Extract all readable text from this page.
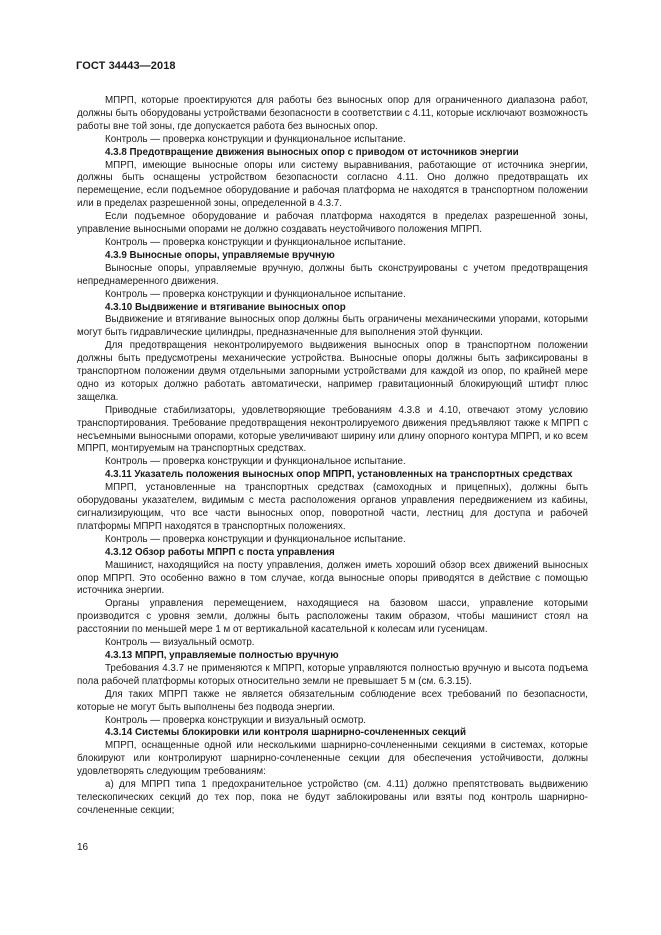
ГОСТ 34443—2018

МПРП, которые проектируются для работы без выносных опор для ограниченного диапазона работ, должны быть оборудованы устройствами безопасности в соответствии с 4.11, которые исключают возможность работы вне той зоны, где допускается работа без выносных опор.

Контроль — проверка конструкции и функциональное испытание.

4.3.8 Предотвращение движения выносных опор с приводом от источников энергии

МПРП, имеющие выносные опоры или систему выравнивания, работающие от источника энергии, должны быть оснащены устройством безопасности согласно 4.11. Оно должно предотвращать их перемещение, если подъемное оборудование и рабочая платформа не находятся в транспортном положении или в пределах разрешенной зоны, определенной в 4.3.7.

Если подъемное оборудование и рабочая платформа находятся в пределах разрешенной зоны, управление выносными опорами не должно создавать неустойчивого положения МПРП.

Контроль — проверка конструкции и функциональное испытание.

4.3.9 Выносные опоры, управляемые вручную

Выносные опоры, управляемые вручную, должны быть сконструированы с учетом предотвращения непреднамеренного движения.

Контроль — проверка конструкции и функциональное испытание.

4.3.10 Выдвижение и втягивание выносных опор

Выдвижение и втягивание выносных опор должны быть ограничены механическими упорами, которыми могут быть гидравлические цилиндры, предназначенные для выполнения этой функции.

Для предотвращения неконтролируемого выдвижения выносных опор в транспортном положении должны быть предусмотрены механические устройства. Выносные опоры должны быть зафиксированы в транспортном положении двумя отдельными запорными устройствами для каждой из опор, по крайней мере одно из которых должно работать автоматически, например гравитационный блокирующий штифт плюс защелка.

Приводные стабилизаторы, удовлетворяющие требованиям 4.3.8 и 4.10, отвечают этому условию транспортирования. Требование предотвращения неконтролируемого движения предъявляют также к МПРП с несъемными выносными опорами, которые увеличивают ширину или длину опорного контура МПРП, и ко всем МПРП, монтируемым на транспортных средствах.

Контроль — проверка конструкции и функциональное испытание.

4.3.11 Указатель положения выносных опор МПРП, установленных на транспортных средствах

МПРП, установленные на транспортных средствах (самоходных и прицепных), должны быть оборудованы указателем, видимым с места расположения органов управления передвижением из кабины, сигнализирующим, что все части выносных опор, поворотной части, лестниц для доступа и рабочей платформы МПРП находятся в транспортных положениях.

Контроль — проверка конструкции и функциональное испытание.

4.3.12 Обзор работы МПРП с поста управления

Машинист, находящийся на посту управления, должен иметь хороший обзор всех движений выносных опор МПРП. Это особенно важно в том случае, когда выносные опоры приводятся в действие с помощью источника энергии.

Органы управления перемещением, находящиеся на базовом шасси, управление которыми производится с уровня земли, должны быть расположены таким образом, чтобы машинист стоял на расстоянии по меньшей мере 1 м от вертикальной касательной к колесам или гусеницам.

Контроль — визуальный осмотр.

4.3.13 МПРП, управляемые полностью вручную

Требования 4.3.7 не применяются к МПРП, которые управляются полностью вручную и высота подъема пола рабочей платформы которых относительно земли не превышает 5 м (см. 6.3.15).

Для таких МПРП также не является обязательным соблюдение всех требований по безопасности, которые не могут быть выполнены без подвода энергии.

Контроль — проверка конструкции и визуальный осмотр.

4.3.14 Системы блокировки или контроля шарнирно-сочлененных секций

МПРП, оснащенные одной или несколькими шарнирно-сочлененными секциями в системах, которые блокируют или контролируют шарнирно-сочлененные секции для обеспечения устойчивости, должны удовлетворять следующим требованиям:

а) для МПРП типа 1 предохранительное устройство (см. 4.11) должно препятствовать выдвижению телескопических секций до тех пор, пока не будут заблокированы или взяты под контроль шарнирно-сочлененные секции;

16
